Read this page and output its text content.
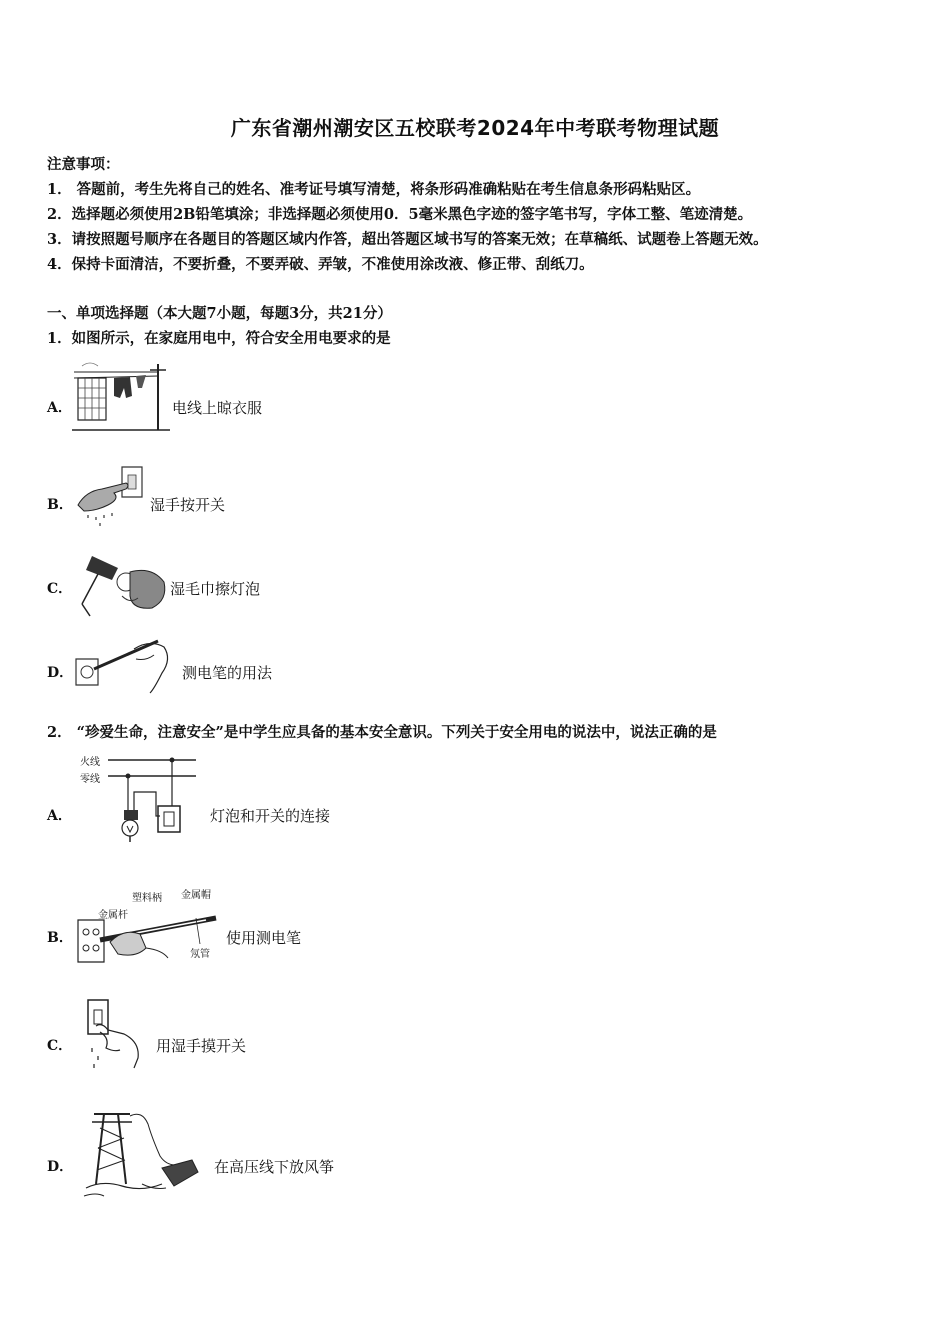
广东省潮州潮安区五校联考2024年中考联考物理试题
注意事项：
1． 答题前，考生先将自己的姓名、准考证号填写清楚，将条形码准确粘贴在考生信息条形码粘贴区。
2．选择题必须使用2B铅笔填涂；非选择题必须使用0．5毫米黑色字迹的签字笔书写，字体工整、笔迹清楚。
3．请按照题号顺序在各题目的答题区域内作答，超出答题区域书写的答案无效；在草稿纸、试题卷上答题无效。
4．保持卡面清洁，不要折叠，不要弄破、弄皱，不准使用涂改液、修正带、刮纸刀。
一、单项选择题（本大题7小题，每题3分，共21分）
1．如图所示，在家庭用电中，符合安全用电要求的是
A．	电线上晾衣服
B．	湿手按开关
C．	湿毛巾擦灯泡
D．	测电笔的用法
2． “珍爱生命，注意安全”是中学生应具备的基本安全意识。下列关于安全用电的说法中，说法正确的是
A．
火线
零线
灯泡和开关的连接
B．
塑料柄 金属帽
金属杆
氖管
使用测电笔
C．	用湿手摸开关
D．	在高压线下放风筝
